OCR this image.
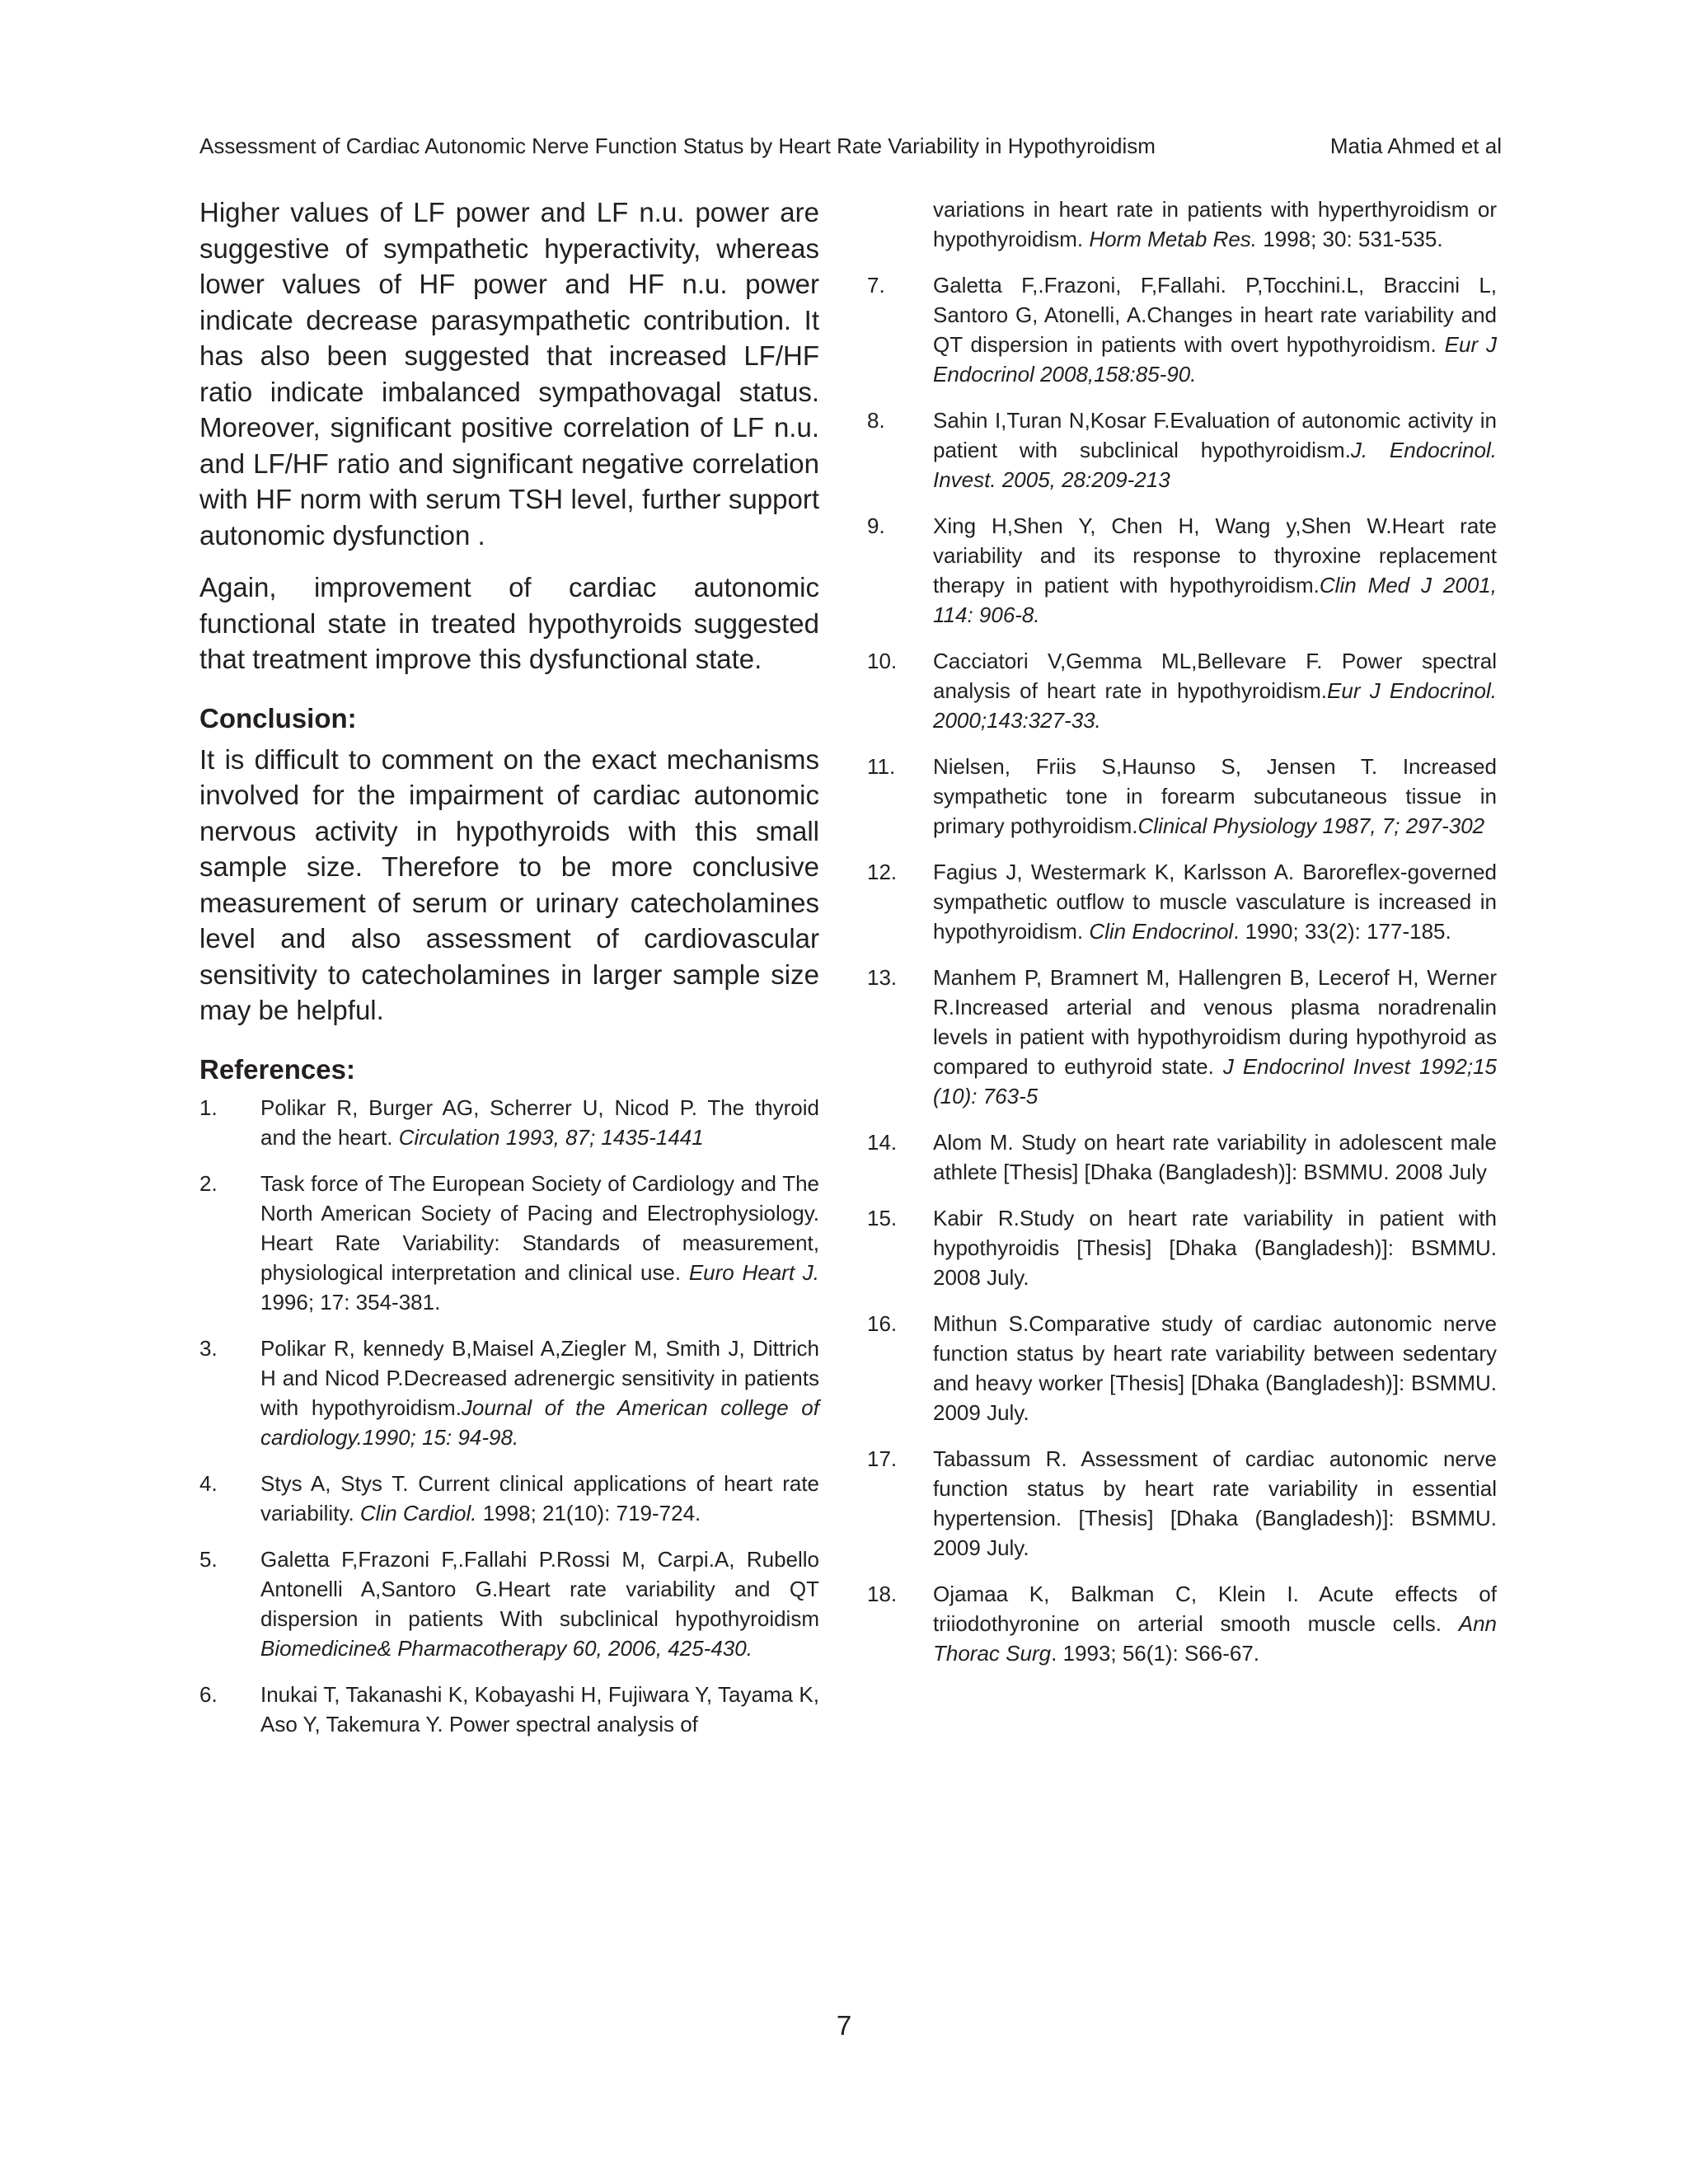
Assessment of Cardiac Autonomic Nerve Function Status by Heart Rate Variability in Hypothyroidism	Matia Ahmed et al

Higher values of LF power and LF n.u. power are suggestive of sympathetic hyperactivity, whereas lower values of HF power and HF n.u. power indicate decrease parasympathetic contribution. It has also been suggested that increased LF/HF ratio indicate imbalanced sympathovagal status. Moreover, significant positive correlation of LF n.u. and LF/HF ratio and significant negative correlation with HF norm with serum TSH level, further support autonomic dysfunction .

Again, improvement of cardiac autonomic functional state in treated hypothyroids suggested that treatment improve this dysfunctional state.

Conclusion:

It is difficult to comment on the exact mechanisms involved for the impairment of cardiac autonomic nervous activity in hypothyroids with this small sample size. Therefore to be more conclusive measurement of serum or urinary catecholamines level and also assessment of cardiovascular sensitivity to catecholamines in larger sample size may be helpful.

References:
1.	Polikar R, Burger AG, Scherrer U, Nicod P. The thyroid and the heart. Circulation 1993, 87; 1435-1441
2.	Task force of The European Society of Cardiology and The North American Society of Pacing and Electrophysiology. Heart Rate Variability: Standards of measurement, physiological interpretation and clinical use. Euro Heart J. 1996; 17: 354-381.
3.	Polikar R, kennedy B,Maisel A,Ziegler M, Smith J, Dittrich H and Nicod P.Decreased adrenergic sensitivity in patients with hypothyroidism.Journal of the American college of cardiology.1990; 15: 94-98.
4.	Stys A, Stys T. Current clinical applications of heart rate variability. Clin Cardiol. 1998; 21(10): 719-724.
5.	Galetta F,Frazoni F,.Fallahi P.Rossi M, Carpi.A, Rubello Antonelli A,Santoro G.Heart rate variability and QT dispersion in patients With subclinical hypothyroidism Biomedicine& Pharmacotherapy 60, 2006, 425-430.
6.	Inukai T, Takanashi K, Kobayashi H, Fujiwara Y, Tayama K, Aso Y, Takemura Y. Power spectral analysis of
variations in heart rate in patients with hyperthyroidism or hypothyroidism. Horm Metab Res. 1998; 30: 531-535.
7.	Galetta F,.Frazoni, F,Fallahi. P,Tocchini.L, Braccini L, Santoro G, Atonelli, A.Changes in heart rate variability and QT dispersion in patients with overt hypothyroidism. Eur J Endocrinol 2008,158:85-90.
8.	Sahin I,Turan N,Kosar F.Evaluation of autonomic activity in patient with subclinical hypothyroidism.J. Endocrinol. Invest. 2005, 28:209-213
9.	Xing H,Shen Y, Chen H, Wang y,Shen W.Heart rate variability and its response to thyroxine replacement therapy in patient with hypothyroidism.Clin Med J 2001, 114: 906-8.
10.	Cacciatori V,Gemma ML,Bellevare F. Power spectral analysis of heart rate in hypothyroidism.Eur J Endocrinol. 2000;143:327-33.
11.	Nielsen, Friis S,Haunso S, Jensen T. Increased sympathetic tone in forearm subcutaneous tissue in primary pothyroidism.Clinical Physiology 1987, 7; 297-302
12.	Fagius J, Westermark K, Karlsson A. Baroreflex-governed sympathetic outflow to muscle vasculature is increased in hypothyroidism. Clin Endocrinol. 1990; 33(2): 177-185.
13.	Manhem P, Bramnert M, Hallengren B, Lecerof H, Werner R.Increased arterial and venous plasma noradrenalin levels in patient with hypothyroidism during hypothyroid as compared to euthyroid state. J Endocrinol Invest 1992;15 (10): 763-5
14.	Alom M. Study on heart rate variability in adolescent male athlete [Thesis] [Dhaka (Bangladesh)]: BSMMU. 2008 July
15.	Kabir R.Study on heart rate variability in patient with hypothyroidis [Thesis] [Dhaka (Bangladesh)]: BSMMU. 2008 July.
16.	Mithun S.Comparative study of cardiac autonomic nerve function status by heart rate variability between sedentary and heavy worker [Thesis] [Dhaka (Bangladesh)]: BSMMU. 2009 July.
17.	Tabassum R. Assessment of cardiac autonomic nerve function status by heart rate variability in essential hypertension. [Thesis] [Dhaka (Bangladesh)]: BSMMU. 2009 July.
18.	Ojamaa K, Balkman C, Klein I. Acute effects of triiodothyronine on arterial smooth muscle cells. Ann Thorac Surg. 1993; 56(1): S66-67.
7
